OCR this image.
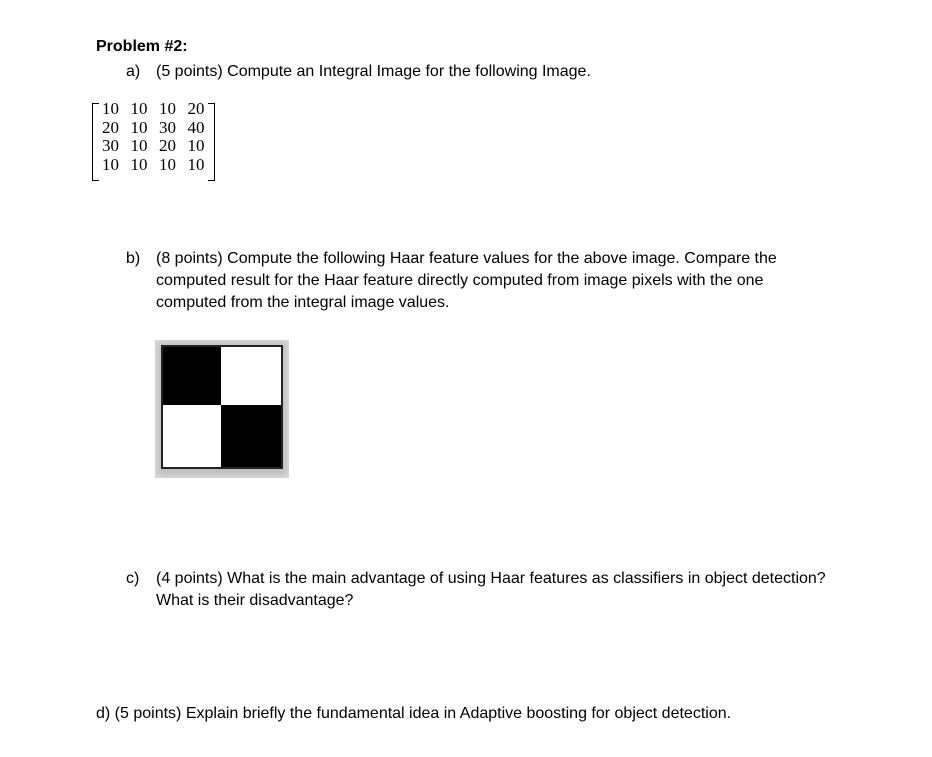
Problem #2:
a) (5 points) Compute an Integral Image for the following Image.
10 10 10 20
20 10 30 40
30 10 20 10
10 10 10 10
b) (8 points) Compute the following Haar feature values for the above image. Compare the
computed result for the Haar feature directly computed from image pixels with the one
computed from the integral image values.
c)	(4 points) What is the main advantage of using Haar features as classifiers in object detection?
What is their disadvantage?
d) (5 points) Explain briefly the fundamental idea in Adaptive boosting for object detection.
